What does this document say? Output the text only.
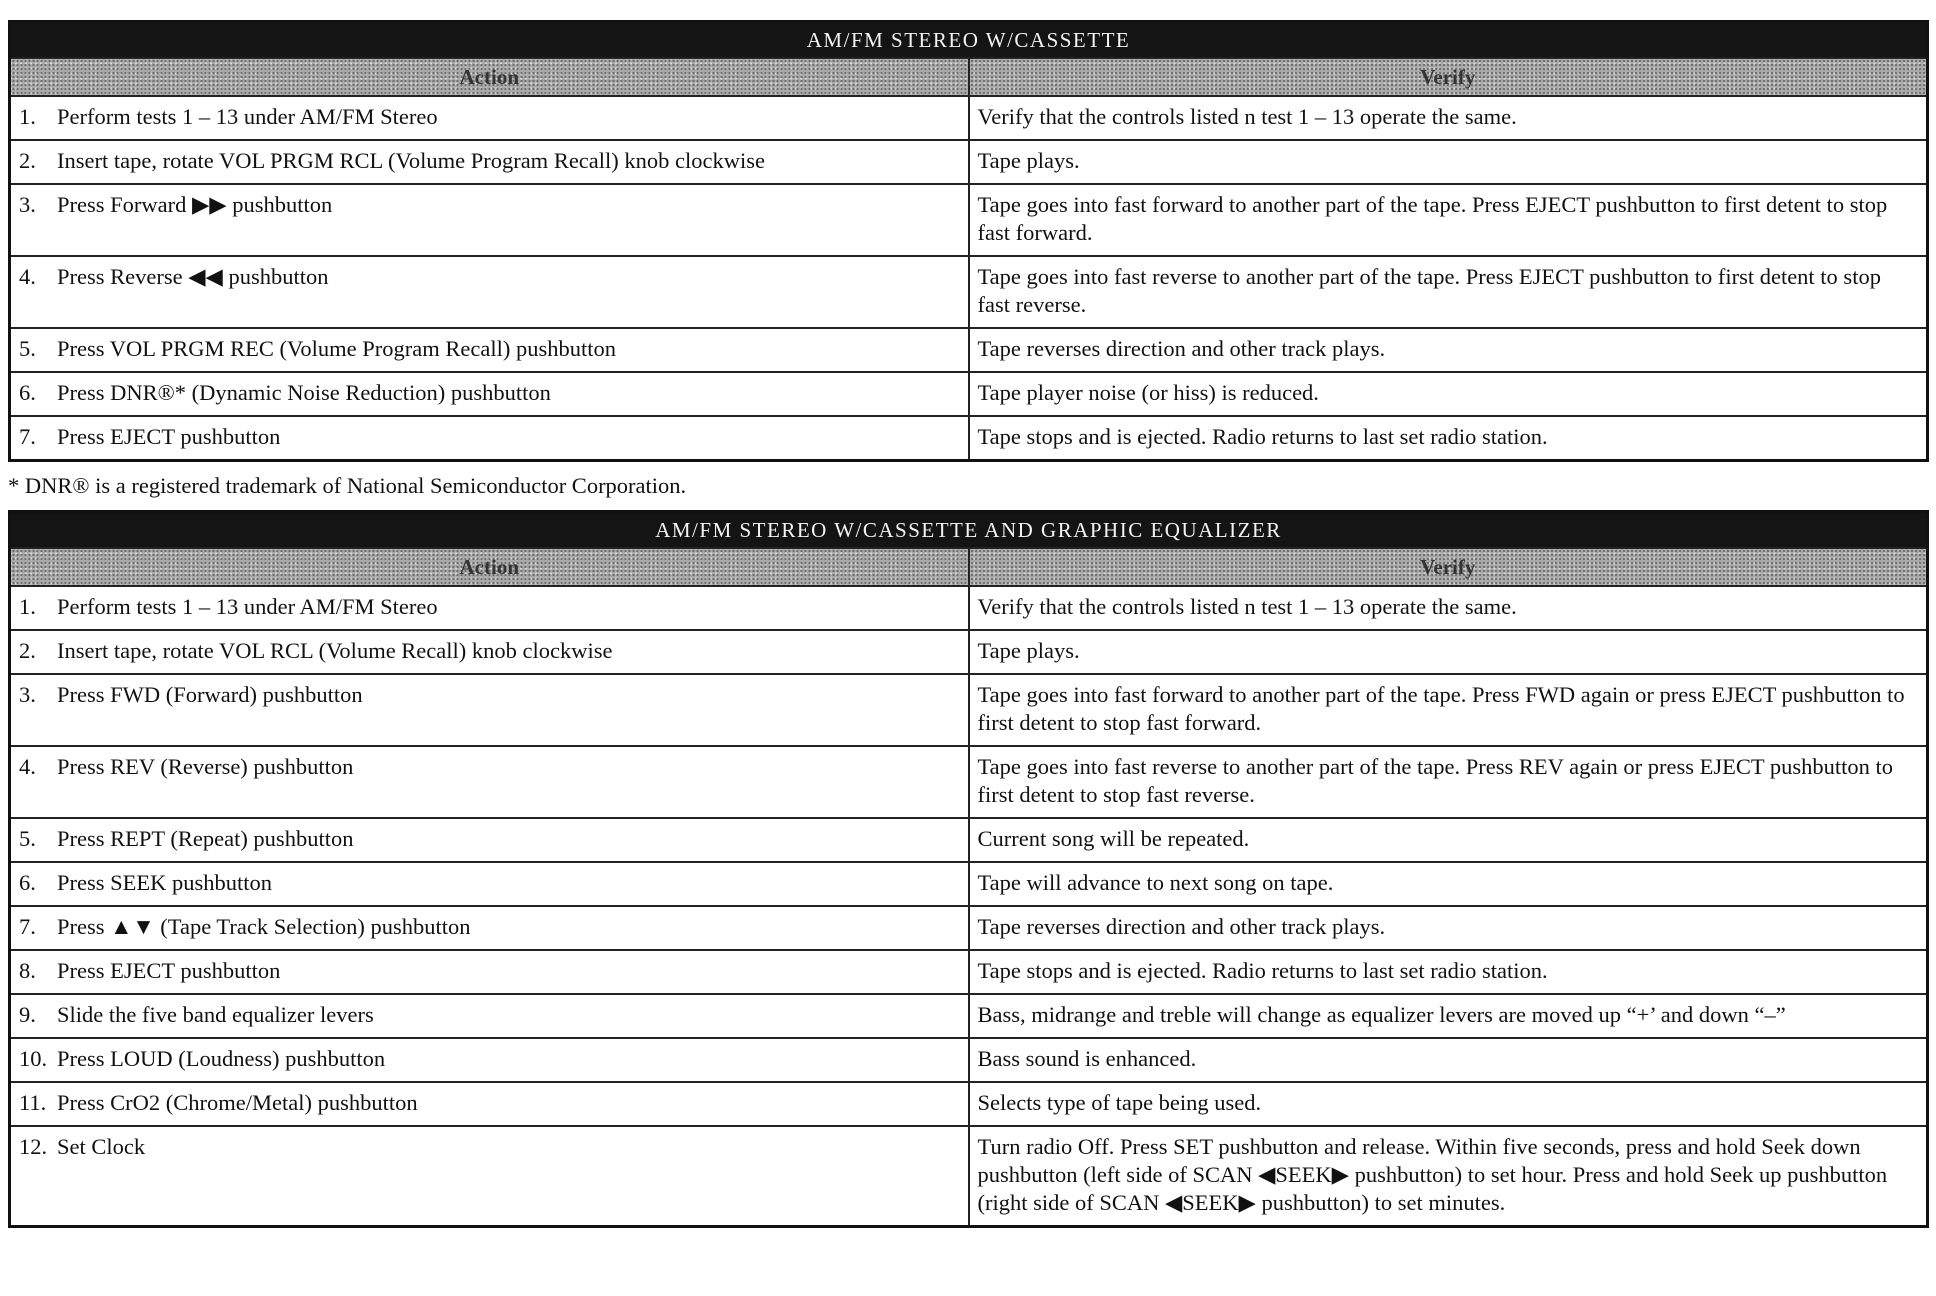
AM/FM STEREO W/CASSETTE	
Action	Verify
1. Perform tests 1 – 13 under AM/FM Stereo	Verify that the controls listed n test 1 – 13 operate the same.
2. Insert tape, rotate VOL PRGM RCL (Volume Program Recall) knob clockwise	Tape plays.
3. Press Forward ▶▶ pushbutton	Tape goes into fast forward to another part of the tape. Press EJECT pushbutton to first detent to stop fast forward.
4. Press Reverse ◀◀ pushbutton	Tape goes into fast reverse to another part of the tape. Press EJECT pushbutton to first detent to stop fast reverse.
5. Press VOL PRGM REC (Volume Program Recall) pushbutton	Tape reverses direction and other track plays.
6. Press DNR®* (Dynamic Noise Reduction) pushbutton	Tape player noise (or hiss) is reduced.
7. Press EJECT pushbutton	Tape stops and is ejected. Radio returns to last set radio station.
* DNR® is a registered trademark of National Semiconductor Corporation.
AM/FM STEREO W/CASSETTE AND GRAPHIC EQUALIZER	
Action	Verify
1. Perform tests 1 – 13 under AM/FM Stereo	Verify that the controls listed n test 1 – 13 operate the same.
2. Insert tape, rotate VOL RCL (Volume Recall) knob clockwise	Tape plays.
3. Press FWD (Forward) pushbutton	Tape goes into fast forward to another part of the tape. Press FWD again or press EJECT pushbutton to first detent to stop fast forward.
4. Press REV (Reverse) pushbutton	Tape goes into fast reverse to another part of the tape. Press REV again or press EJECT pushbutton to first detent to stop fast reverse.
5. Press REPT (Repeat) pushbutton	Current song will be repeated.
6. Press SEEK pushbutton	Tape will advance to next song on tape.
7. Press ▲▼ (Tape Track Selection) pushbutton	Tape reverses direction and other track plays.
8. Press EJECT pushbutton	Tape stops and is ejected. Radio returns to last set radio station.
9. Slide the five band equalizer levers	Bass, midrange and treble will change as equalizer levers are moved up “+’ and down “–”
10. Press LOUD (Loudness) pushbutton	Bass sound is enhanced.
11. Press CrO2 (Chrome/Metal) pushbutton	Selects type of tape being used.
12. Set Clock	Turn radio Off. Press SET pushbutton and release. Within five seconds, press and hold Seek down pushbutton (left side of SCAN ◀SEEK▶ pushbutton) to set hour. Press and hold Seek up pushbutton (right side of SCAN ◀SEEK▶ pushbutton) to set minutes.
